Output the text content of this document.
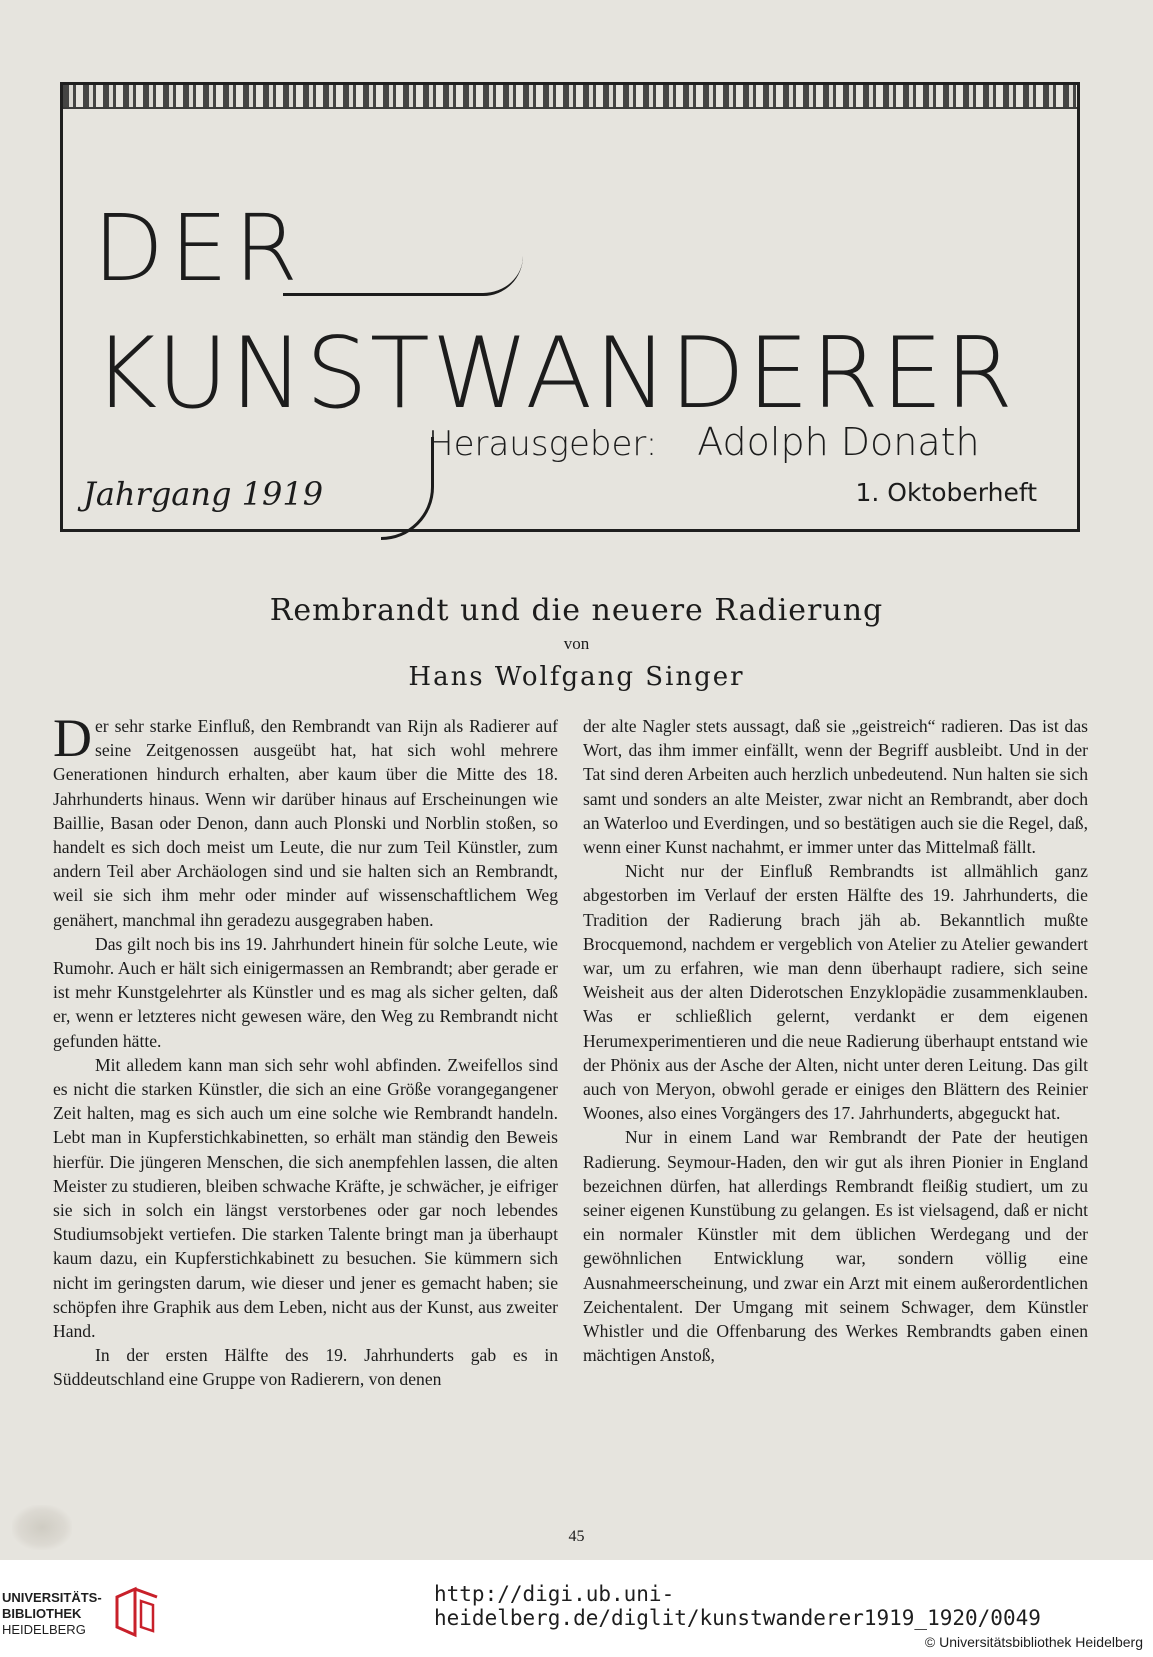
DER
KUNSTWANDERER
Herausgeber: Adolph Donath
Jahrgang 1919	1. Oktoberheft
Rembrandt und die neuere Radierung
von
Hans Wolfgang Singer

Der sehr starke Einfluß, den Rembrandt van Rijn als Radierer auf seine Zeitgenossen ausgeübt hat, hat sich wohl mehrere Generationen hindurch erhalten, aber kaum über die Mitte des 18. Jahrhunderts hinaus. Wenn wir darüber hinaus auf Erscheinungen wie Baillie, Basan oder Denon, dann auch Plonski und Norblin stoßen, so handelt es sich doch meist um Leute, die nur zum Teil Künstler, zum andern Teil aber Archäologen sind und sie halten sich an Rembrandt, weil sie sich ihm mehr oder minder auf wissenschaftlichem Weg genähert, manchmal ihn geradezu ausgegraben haben.

Das gilt noch bis ins 19. Jahrhundert hinein für solche Leute, wie Rumohr. Auch er hält sich einigermassen an Rembrandt; aber gerade er ist mehr Kunstgelehrter als Künstler und es mag als sicher gelten, daß er, wenn er letzteres nicht gewesen wäre, den Weg zu Rembrandt nicht gefunden hätte.

Mit alledem kann man sich sehr wohl abfinden. Zweifellos sind es nicht die starken Künstler, die sich an eine Größe vorangegangener Zeit halten, mag es sich auch um eine solche wie Rembrandt handeln. Lebt man in Kupferstichkabinetten, so erhält man ständig den Beweis hierfür. Die jüngeren Menschen, die sich anempfehlen lassen, die alten Meister zu studieren, bleiben schwache Kräfte, je schwächer, je eifriger sie sich in solch ein längst verstorbenes oder gar noch lebendes Studiumsobjekt vertiefen. Die starken Talente bringt man ja überhaupt kaum dazu, ein Kupferstichkabinett zu besuchen. Sie kümmern sich nicht im geringsten darum, wie dieser und jener es gemacht haben; sie schöpfen ihre Graphik aus dem Leben, nicht aus der Kunst, aus zweiter Hand.

In der ersten Hälfte des 19. Jahrhunderts gab es in Süddeutschland eine Gruppe von Radierern, von denen

der alte Nagler stets aussagt, daß sie „geistreich“ radieren. Das ist das Wort, das ihm immer einfällt, wenn der Begriff ausbleibt. Und in der Tat sind deren Arbeiten auch herzlich unbedeutend. Nun halten sie sich samt und sonders an alte Meister, zwar nicht an Rembrandt, aber doch an Waterloo und Everdingen, und so bestätigen auch sie die Regel, daß, wenn einer Kunst nachahmt, er immer unter das Mittelmaß fällt.

Nicht nur der Einfluß Rembrandts ist allmählich ganz abgestorben im Verlauf der ersten Hälfte des 19. Jahrhunderts, die Tradition der Radierung brach jäh ab. Bekanntlich mußte Brocquemond, nachdem er vergeblich von Atelier zu Atelier gewandert war, um zu erfahren, wie man denn überhaupt radiere, sich seine Weisheit aus der alten Diderotschen Enzyklopädie zusammenklauben. Was er schließlich gelernt, verdankt er dem eigenen Herumexperimentieren und die neue Radierung überhaupt entstand wie der Phönix aus der Asche der Alten, nicht unter deren Leitung. Das gilt auch von Meryon, obwohl gerade er einiges den Blättern des Reinier Woones, also eines Vorgängers des 17. Jahrhunderts, abgeguckt hat.

Nur in einem Land war Rembrandt der Pate der heutigen Radierung. Seymour-Haden, den wir gut als ihren Pionier in England bezeichnen dürfen, hat allerdings Rembrandt fleißig studiert, um zu seiner eigenen Kunstübung zu gelangen. Es ist vielsagend, daß er nicht ein normaler Künstler mit dem üblichen Werdegang und der gewöhnlichen Entwicklung war, sondern völlig eine Ausnahmeerscheinung, und zwar ein Arzt mit einem außerordentlichen Zeichentalent. Der Umgang mit seinem Schwager, dem Künstler Whistler und die Offenbarung des Werkes Rembrandts gaben einen mächtigen Anstoß,

45
UNIVERSITÄTS-
BIBLIOTHEK
HEIDELBERG
http://digi.ub.uni-heidelberg.de/diglit/kunstwanderer1919_1920/0049
© Universitätsbibliothek Heidelberg
